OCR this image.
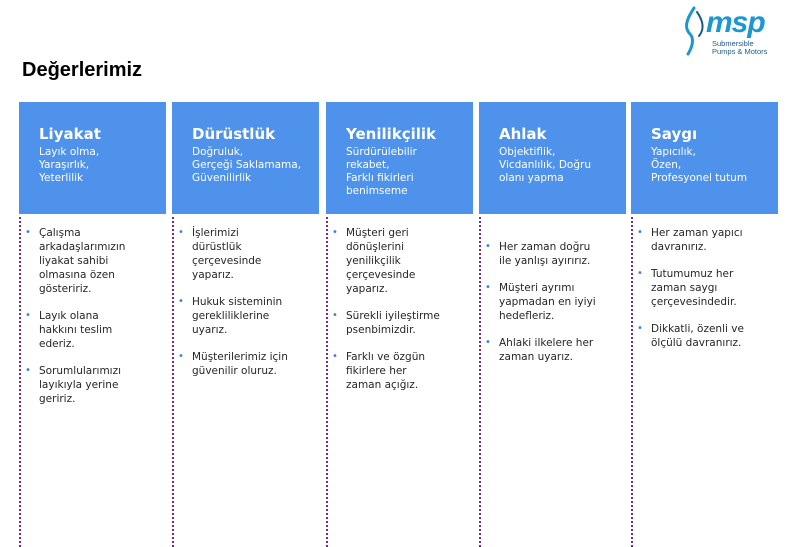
Değerlerimiz
msp
Submersible
Pumps & Motors
Liyakat
Layık olma,
Yaraşırlık,
Yeterlilik
• Çalışma
arkadaşlarımızın
liyakat sahibi
olmasına özen
gösteririz.
• Layık olana
hakkını teslim
ederiz.
• Sorumlularımızı
layıkıyla yerine
geririz.
Dürüstlük
Doğruluk,
Gerçeği Saklamama,
Güvenilirlik
• İşlerimizi
dürüstlük
çerçevesinde
yaparız.
• Hukuk sisteminin
gerekliliklerine
uyarız.
• Müşterilerimiz için
güvenilir oluruz.
Yenilikçilik
Sürdürülebilir
rekabet,
Farklı fikirleri
benimseme
• Müşteri geri
dönüşlerini
yenilikçilik
çerçevesinde
yaparız.
• Sürekli iyileştirme
psenbimizdir.
• Farklı ve özgün
fikirlere her
zaman açığız.
Ahlak
Objektiflik,
Vicdanlılık, Doğru
olanı yapma
• Her zaman doğru
ile yanlışı ayırırız.
• Müşteri ayrımı
yapmadan en iyiyi
hedefleriz.
• Ahlaki ilkelere her
zaman uyarız.
Saygı
Yapıcılık,
Özen,
Profesyonel tutum
• Her zaman yapıcı
davranırız.
• Tutumumuz her
zaman saygı
çerçevesindedir.
• Dikkatli, özenli ve
ölçülü davranırız.
